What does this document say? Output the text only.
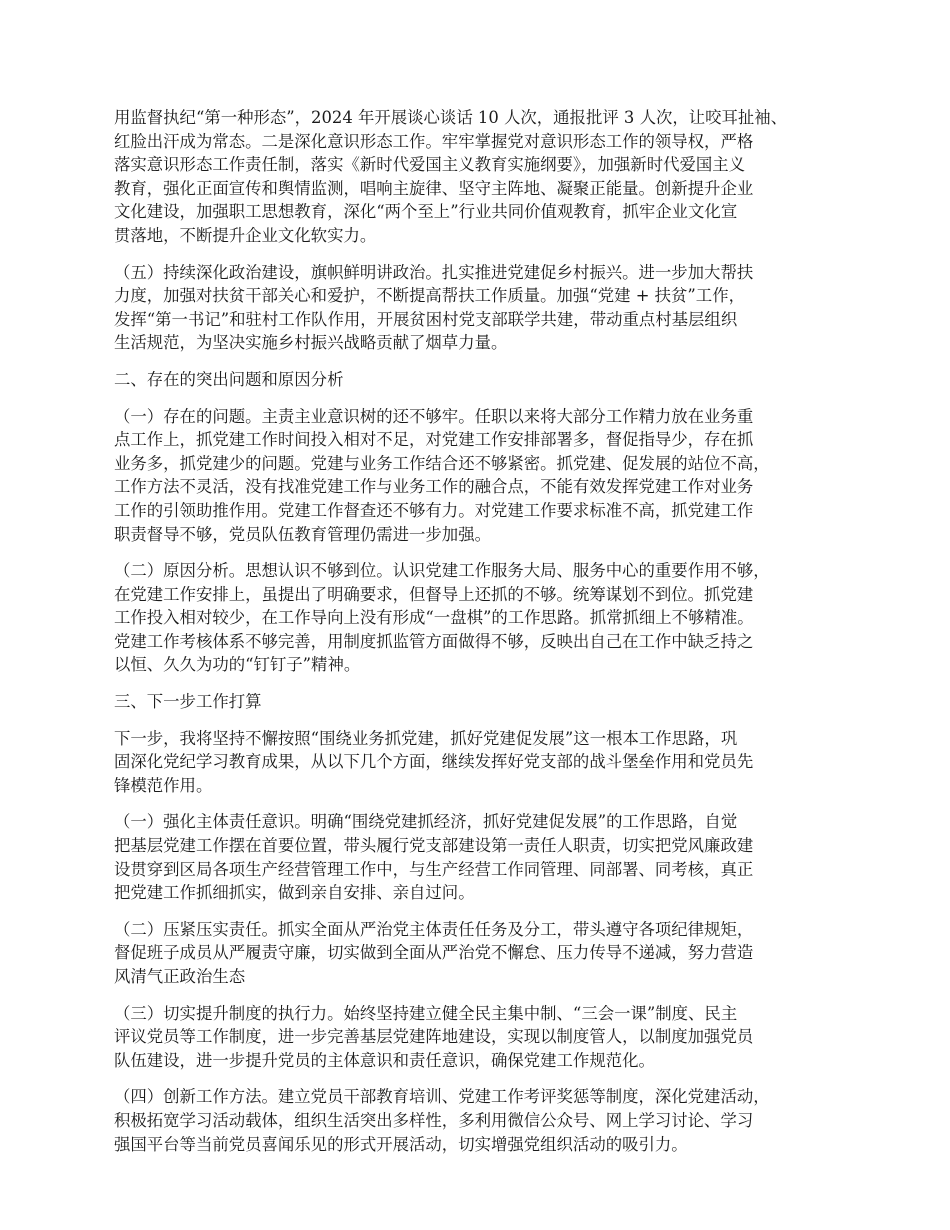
用监督执纪“第一种形态”，2024 年开展谈心谈话 10 人次，通报批评 3 人次，让咬耳扯袖、
红脸出汗成为常态。二是深化意识形态工作。牢牢掌握党对意识形态工作的领导权，严格
落实意识形态工作责任制，落实《新时代爱国主义教育实施纲要》，加强新时代爱国主义
教育，强化正面宣传和舆情监测，唱响主旋律、坚守主阵地、凝聚正能量。创新提升企业
文化建设，加强职工思想教育，深化“两个至上”行业共同价值观教育，抓牢企业文化宣
贯落地，不断提升企业文化软实力。

（五）持续深化政治建设，旗帜鲜明讲政治。扎实推进党建促乡村振兴。进一步加大帮扶
力度，加强对扶贫干部关心和爱护，不断提高帮扶工作质量。加强“党建 + 扶贫”工作，
发挥“第一书记”和驻村工作队作用，开展贫困村党支部联学共建，带动重点村基层组织
生活规范，为坚决实施乡村振兴战略贡献了烟草力量。

二、存在的突出问题和原因分析

（一）存在的问题。主责主业意识树的还不够牢。任职以来将大部分工作精力放在业务重
点工作上，抓党建工作时间投入相对不足，对党建工作安排部署多，督促指导少，存在抓
业务多，抓党建少的问题。党建与业务工作结合还不够紧密。抓党建、促发展的站位不高，
工作方法不灵活，没有找准党建工作与业务工作的融合点，不能有效发挥党建工作对业务
工作的引领助推作用。党建工作督查还不够有力。对党建工作要求标准不高，抓党建工作
职责督导不够，党员队伍教育管理仍需进一步加强。

（二）原因分析。思想认识不够到位。认识党建工作服务大局、服务中心的重要作用不够，
在党建工作安排上，虽提出了明确要求，但督导上还抓的不够。统筹谋划不到位。抓党建
工作投入相对较少，在工作导向上没有形成“一盘棋”的工作思路。抓常抓细上不够精准。
党建工作考核体系不够完善，用制度抓监管方面做得不够，反映出自己在工作中缺乏持之
以恒、久久为功的“钉钉子”精神。

三、下一步工作打算

下一步，我将坚持不懈按照“围绕业务抓党建，抓好党建促发展”这一根本工作思路，巩
固深化党纪学习教育成果，从以下几个方面，继续发挥好党支部的战斗堡垒作用和党员先
锋模范作用。

（一）强化主体责任意识。明确“围绕党建抓经济，抓好党建促发展”的工作思路，自觉
把基层党建工作摆在首要位置，带头履行党支部建设第一责任人职责，切实把党风廉政建
设贯穿到区局各项生产经营管理工作中，与生产经营工作同管理、同部署、同考核，真正
把党建工作抓细抓实，做到亲自安排、亲自过问。

（二）压紧压实责任。抓实全面从严治党主体责任任务及分工，带头遵守各项纪律规矩，
督促班子成员从严履责守廉，切实做到全面从严治党不懈怠、压力传导不递减，努力营造
风清气正政治生态

（三）切实提升制度的执行力。始终坚持建立健全民主集中制、“三会一课”制度、民主
评议党员等工作制度，进一步完善基层党建阵地建设，实现以制度管人，以制度加强党员
队伍建设，进一步提升党员的主体意识和责任意识，确保党建工作规范化。

（四）创新工作方法。建立党员干部教育培训、党建工作考评奖惩等制度，深化党建活动，
积极拓宽学习活动载体，组织生活突出多样性，多利用微信公众号、网上学习讨论、学习
强国平台等当前党员喜闻乐见的形式开展活动，切实增强党组织活动的吸引力。
